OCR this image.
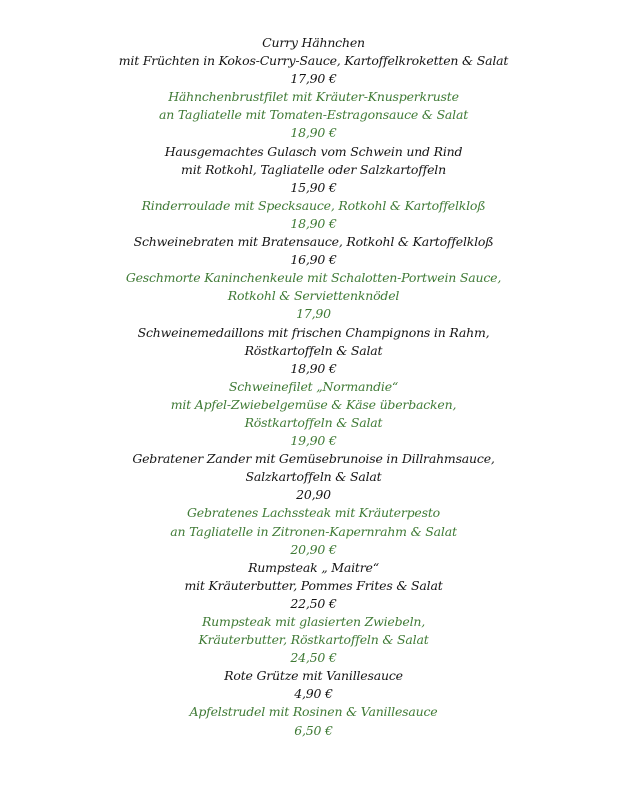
Curry Hähnchen
mit Früchten in Kokos-Curry-Sauce, Kartoffelkroketten & Salat
17,90 €
Hähnchenbrustfilet mit Kräuter-Knusperkruste
an Tagliatelle mit Tomaten-Estragonsauce & Salat
18,90 €
Hausgemachtes Gulasch vom Schwein und Rind
mit Rotkohl, Tagliatelle oder Salzkartoffeln
15,90 €
Rinderroulade mit Specksauce, Rotkohl & Kartoffelkloß
18,90 €
Schweinebraten mit Bratensauce, Rotkohl & Kartoffelkloß
16,90 €
Geschmorte Kaninchenkeule mit Schalotten-Portwein Sauce,
Rotkohl & Serviettenknödel
17,90
Schweinemedaillons mit frischen Champignons in Rahm,
Röstkartoffeln & Salat
18,90 €
Schweinefilet „Normandie“
mit Apfel-Zwiebelgemüse & Käse überbacken,
Röstkartoffeln & Salat
19,90 €
Gebratener Zander mit Gemüsebrunoise in Dillrahmsauce,
Salzkartoffeln & Salat
20,90
Gebratenes Lachssteak mit Kräuterpesto
an Tagliatelle in Zitronen-Kapernrahm & Salat
20,90 €
Rumpsteak „ Maitre“
mit Kräuterbutter, Pommes Frites & Salat
22,50 €
Rumpsteak mit glasierten Zwiebeln,
Kräuterbutter, Röstkartoffeln & Salat
24,50 €
Rote Grütze mit Vanillesauce
4,90 €
Apfelstrudel mit Rosinen & Vanillesauce
6,50 €
